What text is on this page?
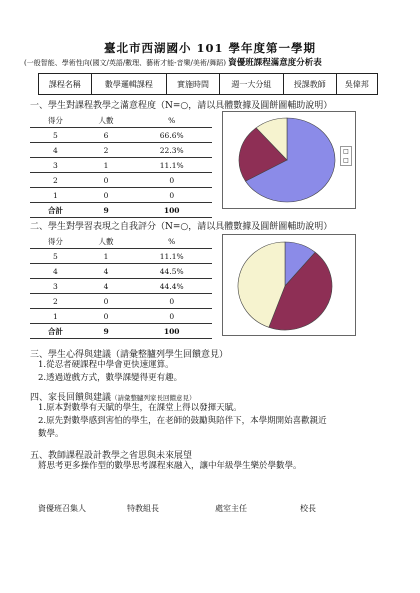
臺北市西湖國小 101 學年度第一學期
(一般智能、學術性向(國文/英語/數理、藝術才能-音樂/美術/舞蹈) 資優班課程滿意度分析表
課程名稱	數學邏輯課程	實施時間	週一大分組	授課教師	吳偉邦
一、學生對課程教學之滿意程度（N=○，請以具體數據及圓餅圖輔助說明）
得分	人數	%
5	6	66.6%
4	2	22.3%
3	1	11.1%
2	0	0
1	0	0
合計	9	100
□
□
二、學生對學習表現之自我評分（N=○，請以具體數據及圓餅圖輔助說明）
得分	人數	%
5	1	11.1%
4	4	44.5%
3	4	44.4%
2	0	0
1	0	0
合計	9	100
三、學生心得與建議（請彙整臚列學生回饋意見）
1.從忍者硬課程中學會更快速運算。
2.透過遊戲方式，數學課變得更有趣。
四、家長回饋與建議（請彙整臚列家長回饋意見）
1.原本對數學有天賦的學生，在課堂上得以發揮天賦。
2.原先對數學感到害怕的學生，在老師的鼓勵與陪伴下，本學期開始喜歡親近
數學。
五、教師課程設計教學之省思與未來展望
將思考更多操作型的數學思考課程來融入，讓中年級學生樂於學數學。
資優班召集人	特教組長	處室主任	校長
